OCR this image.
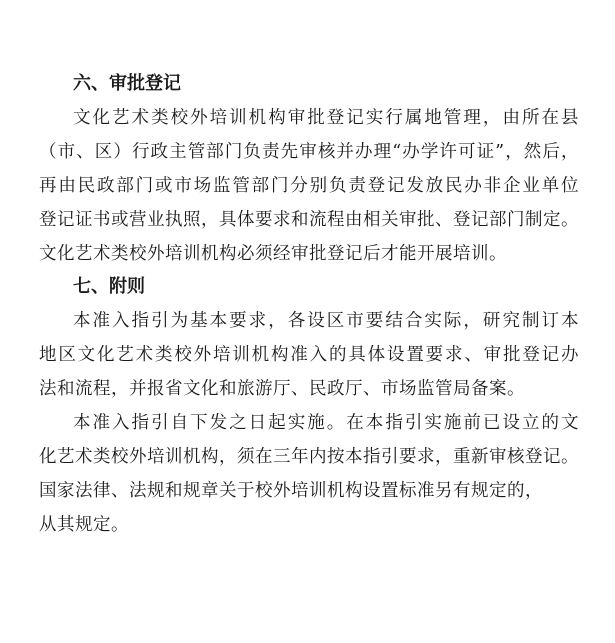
六、审批登记
文化艺术类校外培训机构审批登记实行属地管理，由所在县
（市、区）行政主管部门负责先审核并办理“办学许可证”，然后，
再由民政部门或市场监管部门分别负责登记发放民办非企业单位
登记证书或营业执照，具体要求和流程由相关审批、登记部门制定。
文化艺术类校外培训机构必须经审批登记后才能开展培训。
七、附则
本准入指引为基本要求，各设区市要结合实际，研究制订本
地区文化艺术类校外培训机构准入的具体设置要求、审批登记办
法和流程，并报省文化和旅游厅、民政厅、市场监管局备案。
本准入指引自下发之日起实施。在本指引实施前已设立的文
化艺术类校外培训机构，须在三年内按本指引要求，重新审核登记。
国家法律、法规和规章关于校外培训机构设置标准另有规定的，
从其规定。
